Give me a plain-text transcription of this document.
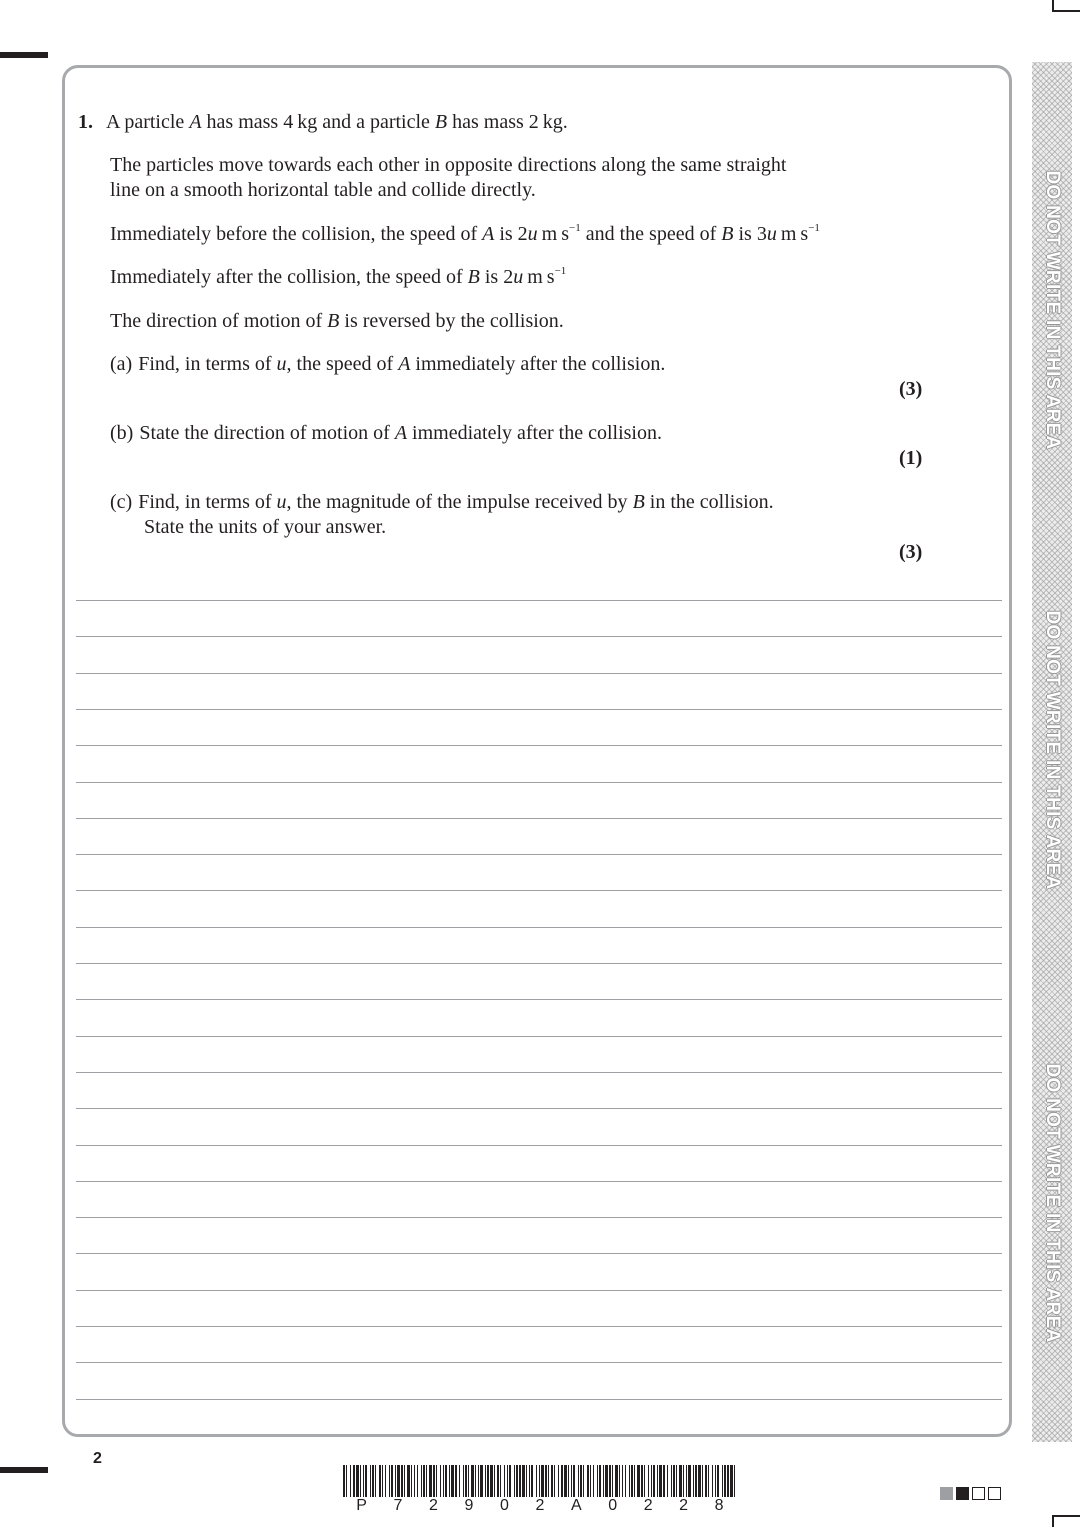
DO NOT WRITE IN THIS AREA
DO NOT WRITE IN THIS AREA
DO NOT WRITE IN THIS AREA
1. A particle A has mass 4 kg and a particle B has mass 2 kg.
The particles move towards each other in opposite directions along the same straight
line on a smooth horizontal table and collide directly.
Immediately before the collision, the speed of A is 2u m $s^{-1}$ and the speed of B is 3u m $s^{-1}$
Immediately after the collision, the speed of B is 2u m $s^{-1}$
The direction of motion of B is reversed by the collision.
(a) Find, in terms of u, the speed of A immediately after the collision.
(3)
(b) State the direction of motion of A immediately after the collision.
(1)
(c) Find, in terms of u, the magnitude of the impulse received by B in the collision.
State the units of your answer.
(3)
2
P 7 2 9 0 2 A 0 2 2 8
